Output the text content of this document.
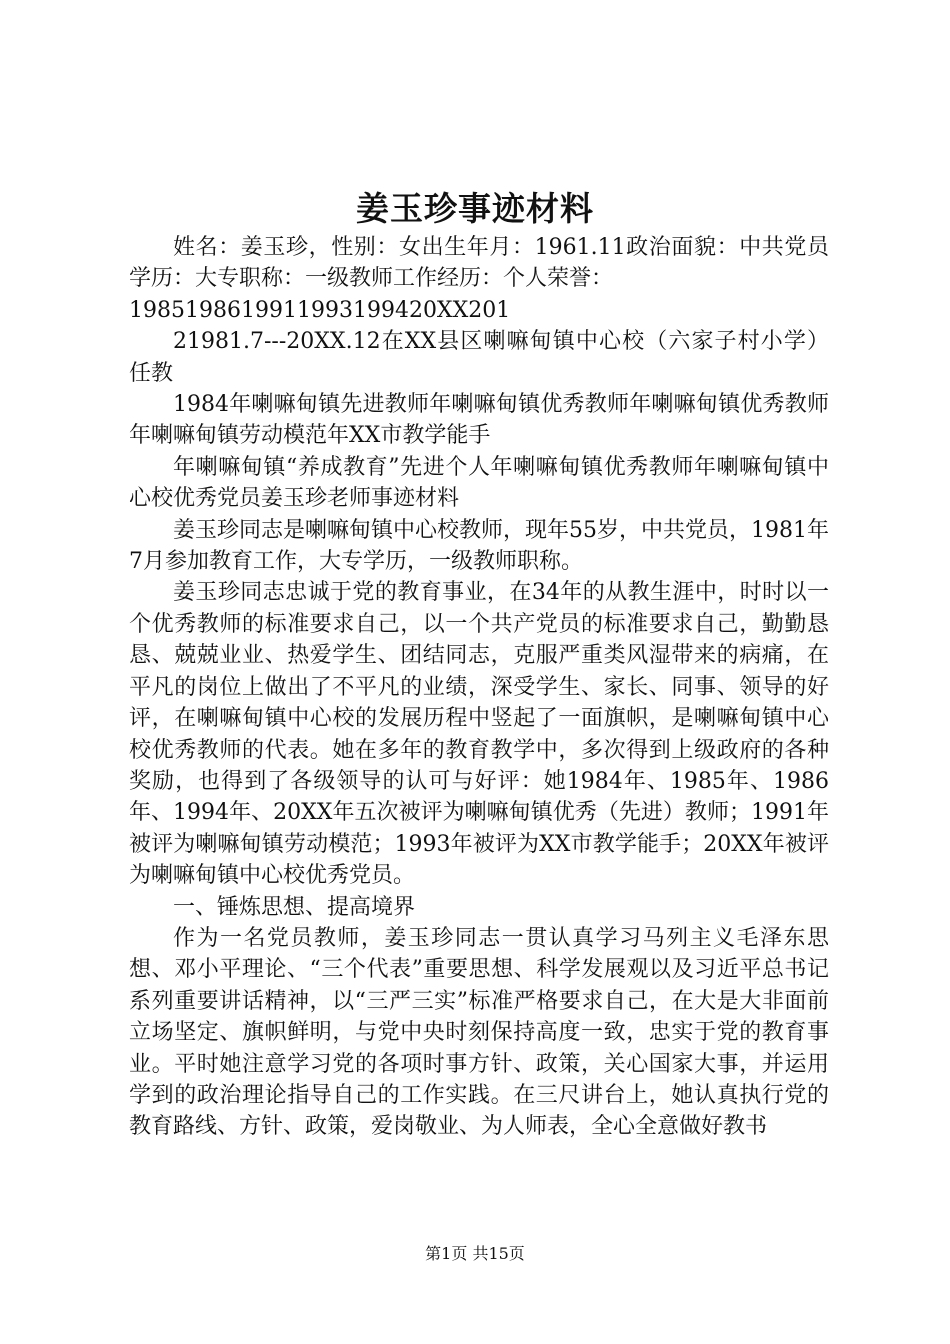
姜玉珍事迹材料

姓名：姜玉珍，性别：女出生年月：1961.11政治面貌：中共党员学历：大专职称：一级教师工作经历：个人荣誉：

1985198619911993199420XX201

21981.7---20XX.12在XX县区喇嘛甸镇中心校（六家子村小学）任教

1984年喇嘛甸镇先进教师年喇嘛甸镇优秀教师年喇嘛甸镇优秀教师年喇嘛甸镇劳动模范年XX市教学能手

年喇嘛甸镇“养成教育”先进个人年喇嘛甸镇优秀教师年喇嘛甸镇中心校优秀党员姜玉珍老师事迹材料

姜玉珍同志是喇嘛甸镇中心校教师，现年55岁，中共党员，1981年7月参加教育工作，大专学历，一级教师职称。

姜玉珍同志忠诚于党的教育事业，在34年的从教生涯中，时时以一个优秀教师的标准要求自己，以一个共产党员的标准要求自己，勤勤恳恳、兢兢业业、热爱学生、团结同志，克服严重类风湿带来的病痛，在平凡的岗位上做出了不平凡的业绩，深受学生、家长、同事、领导的好评，在喇嘛甸镇中心校的发展历程中竖起了一面旗帜，是喇嘛甸镇中心校优秀教师的代表。她在多年的教育教学中，多次得到上级政府的各种奖励，也得到了各级领导的认可与好评：她1984年、1985年、1986年、1994年、20XX年五次被评为喇嘛甸镇优秀（先进）教师；1991年被评为喇嘛甸镇劳动模范；1993年被评为XX市教学能手；20XX年被评为喇嘛甸镇中心校优秀党员。

一、锤炼思想、提高境界

作为一名党员教师，姜玉珍同志一贯认真学习马列主义毛泽东思想、邓小平理论、“三个代表”重要思想、科学发展观以及习近平总书记系列重要讲话精神，以“三严三实”标准严格要求自己，在大是大非面前立场坚定、旗帜鲜明，与党中央时刻保持高度一致，忠实于党的教育事业。平时她注意学习党的各项时事方针、政策，关心国家大事，并运用学到的政治理论指导自己的工作实践。在三尺讲台上，她认真执行党的教育路线、方针、政策，爱岗敬业、为人师表，全心全意做好教书

第1页 共15页
